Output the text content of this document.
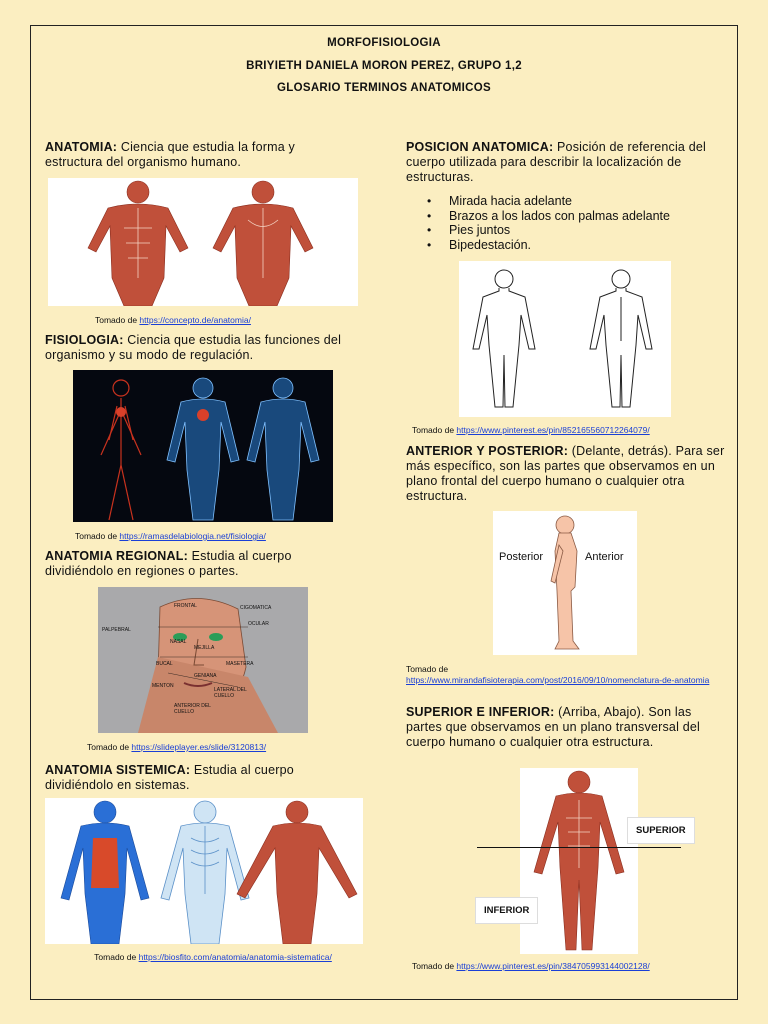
MORFOFISIOLOGIA
BRIYIETH DANIELA MORON PEREZ, GRUPO 1,2
GLOSARIO TERMINOS ANATOMICOS
ANATOMIA: Ciencia que estudia la forma y estructura del organismo humano.
Tomado de https://concepto.de/anatomia/
FISIOLOGIA: Ciencia que estudia las funciones del organismo y su modo de regulación.
Tomado de https://ramasdelabiologia.net/fisiologia/
ANATOMIA REGIONAL: Estudia al cuerpo dividiéndolo en regiones o partes.
FRONTAL	CIGOMATICA
OCULAR
PALPEBRAL
NASAL
MEJILLA
BUCAL	MASETERA
MENTON
GENIANA
LATERAL DEL CUELLO
ANTERIOR DEL CUELLO
Tomado de https://slideplayer.es/slide/3120813/
ANATOMIA SISTEMICA: Estudia al cuerpo dividiéndolo en sistemas.
Tomado de https://biosfito.com/anatomia/anatomia-sistematica/
POSICION ANATOMICA: Posición de referencia del cuerpo utilizada para describir la localización de estructuras.
• Mirada hacia adelante
• Brazos a los lados con palmas adelante
• Pies juntos
• Bipedestación.
Tomado de https://www.pinterest.es/pin/852165560712264079/
ANTERIOR Y POSTERIOR: (Delante, detrás). Para ser más específico, son las partes que observamos en un plano frontal del cuerpo humano o cualquier otra estructura.
Posterior	Anterior
Tomado de
https://www.mirandafisioterapia.com/post/2016/09/10/nomenclatura-de-anatomia
SUPERIOR E INFERIOR: (Arriba, Abajo). Son las partes que observamos en un plano transversal del cuerpo humano o cualquier otra estructura.
SUPERIOR
INFERIOR
Tomado de https://www.pinterest.es/pin/384705993144002128/
